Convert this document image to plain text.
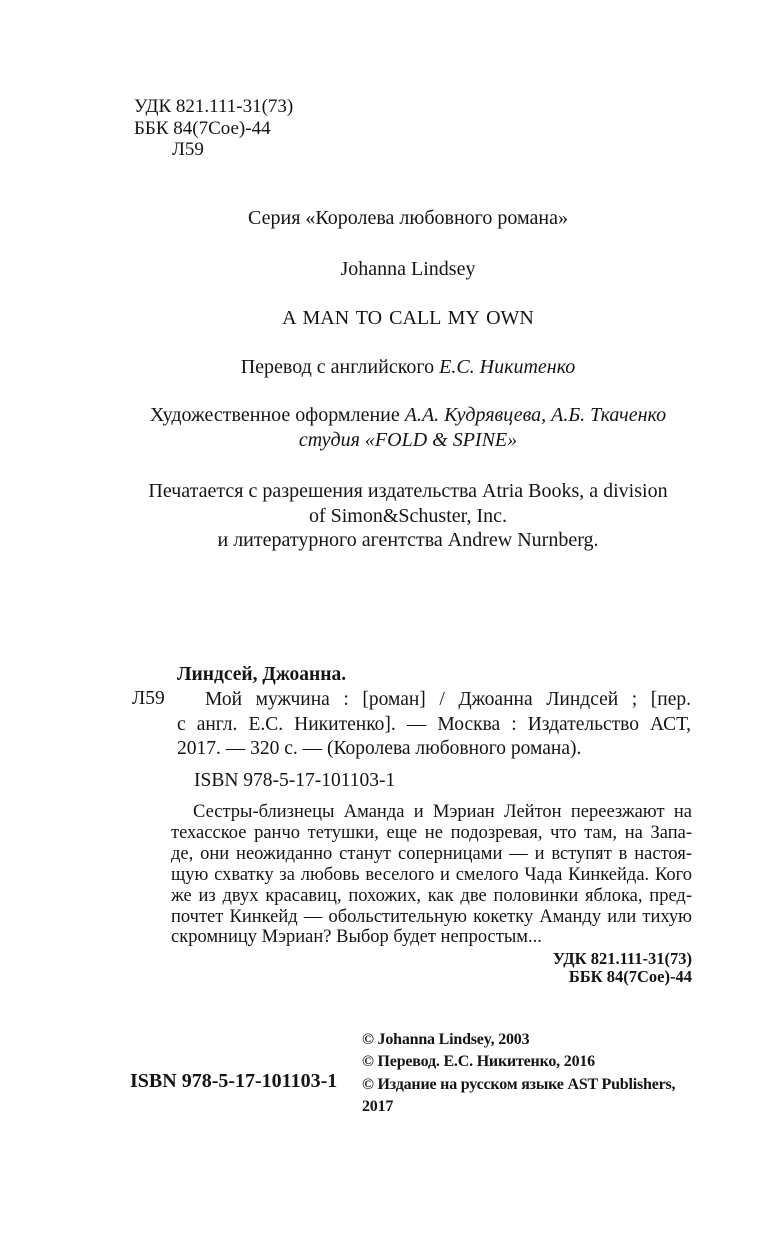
УДК 821.111-31(73)
ББК 84(7Сое)-44
Л59
Серия «Королева любовного романа»
Johanna Lindsey
A MAN TO CALL MY OWN
Перевод с английского Е.С. Никитенко
Художественное оформление А.А. Кудрявцева, А.Б. Ткаченко
студия «FOLD & SPINE»
Печатается с разрешения издательства Atria Books, a division
of Simon&Schuster, Inc.
и литературного агентства Andrew Nurnberg.
Линдсей, Джоанна.
Л59	Мой мужчина : [роман] / Джоанна Линдсей ; [пер.
с англ. Е.С. Никитенко]. — Москва : Издательство АСТ,
2017. — 320 с. — (Королева любовного романа).
ISBN 978-5-17-101103-1
Сестры-близнецы Аманда и Мэриан Лейтон переезжают на
техасское ранчо тетушки, еще не подозревая, что там, на Запа-
де, они неожиданно станут соперницами — и вступят в настоя-
щую схватку за любовь веселого и смелого Чада Кинкейда. Кого
же из двух красавиц, похожих, как две половинки яблока, пред-
почтет Кинкейд — обольстительную кокетку Аманду или тихую
скромницу Мэриан? Выбор будет непростым...
УДК 821.111-31(73)
ББК 84(7Сое)-44
ISBN 978-5-17-101103-1
© Johanna Lindsey, 2003
© Перевод. Е.С. Никитенко, 2016
© Издание на русском языке AST Publishers, 2017
